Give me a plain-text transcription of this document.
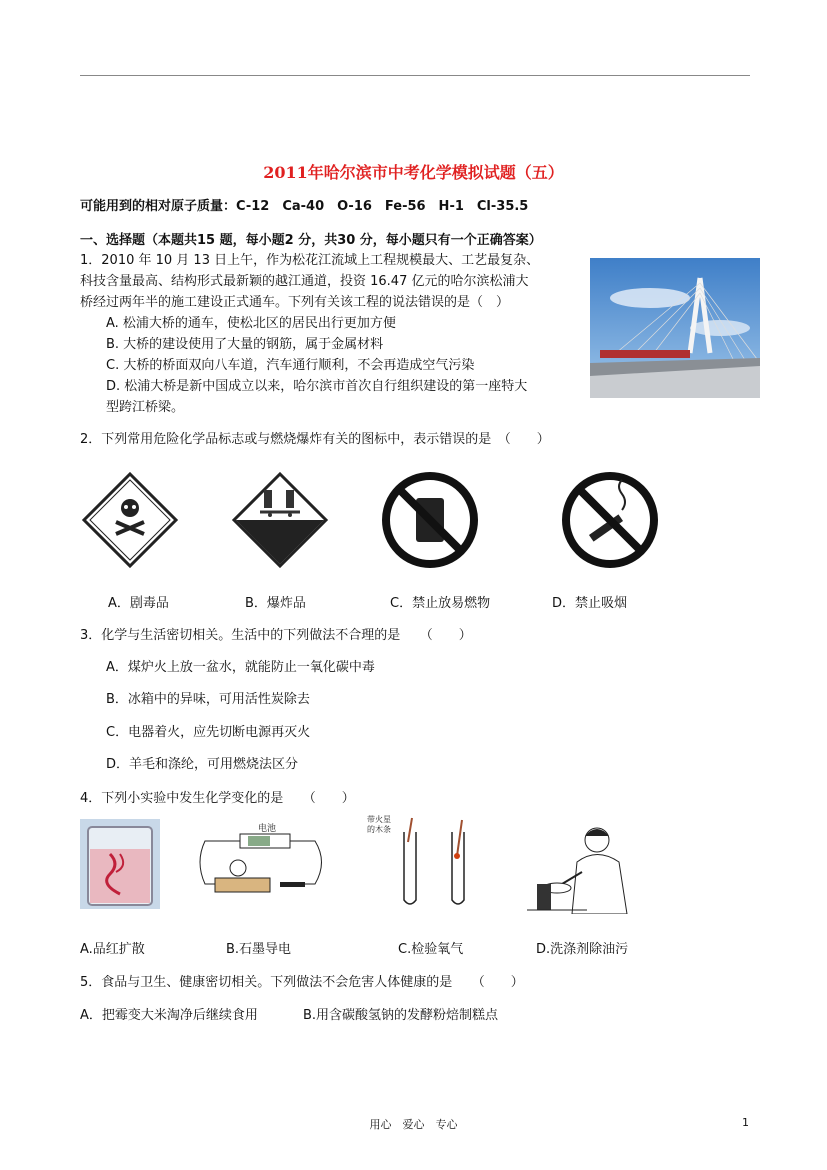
2011年哈尔滨市中考化学模拟试题（五）
可能用到的相对原子质量：C-12　Ca-40　O-16　Fe-56　H-1　Cl-35.5
一、选择题（本题共15 题，每小题2 分，共30 分，每小题只有一个正确答案）

1．2010 年 10 月 13 日上午，作为松花江流域上工程规模最大、工艺最复杂、

科技含量最高、结构形式最新颖的越江通道，投资 16.47 亿元的哈尔滨松浦大

桥经过两年半的施工建设正式通车。下列有关该工程的说法错误的是（　）

A. 松浦大桥的通车，使松北区的居民出行更加方便

B. 大桥的建设使用了大量的钢筋，属于金属材料

C. 大桥的桥面双向八车道，汽车通行顺利，不会再造成空气污染

D. 松浦大桥是新中国成立以来，哈尔滨市首次自行组织建设的第一座特大

型跨江桥梁。

2．下列常用危险化学品标志或与燃烧爆炸有关的图标中，表示错误的是　（　　）
A．剧毒品	B．爆炸品	C．禁止放易燃物	D．禁止吸烟
3．化学与生活密切相关。生活中的下列做法不合理的是　　（　　）
A．煤炉火上放一盆水，就能防止一氧化碳中毒
B．冰箱中的异味，可用活性炭除去
C．电器着火，应先切断电源再灭火
D．羊毛和涤纶，可用燃烧法区分
4．下列小实验中发生化学变化的是　　（　　）
电池
带火星
的木条
A.品红扩散	B.石墨导电	C.检验氧气	D.洗涤剂除油污
5．食品与卫生、健康密切相关。下列做法不会危害人体健康的是　　（　　）
A．把霉变大米淘净后继续食用	B.用含碳酸氢钠的发酵粉焙制糕点
用心　爱心　专心	1
